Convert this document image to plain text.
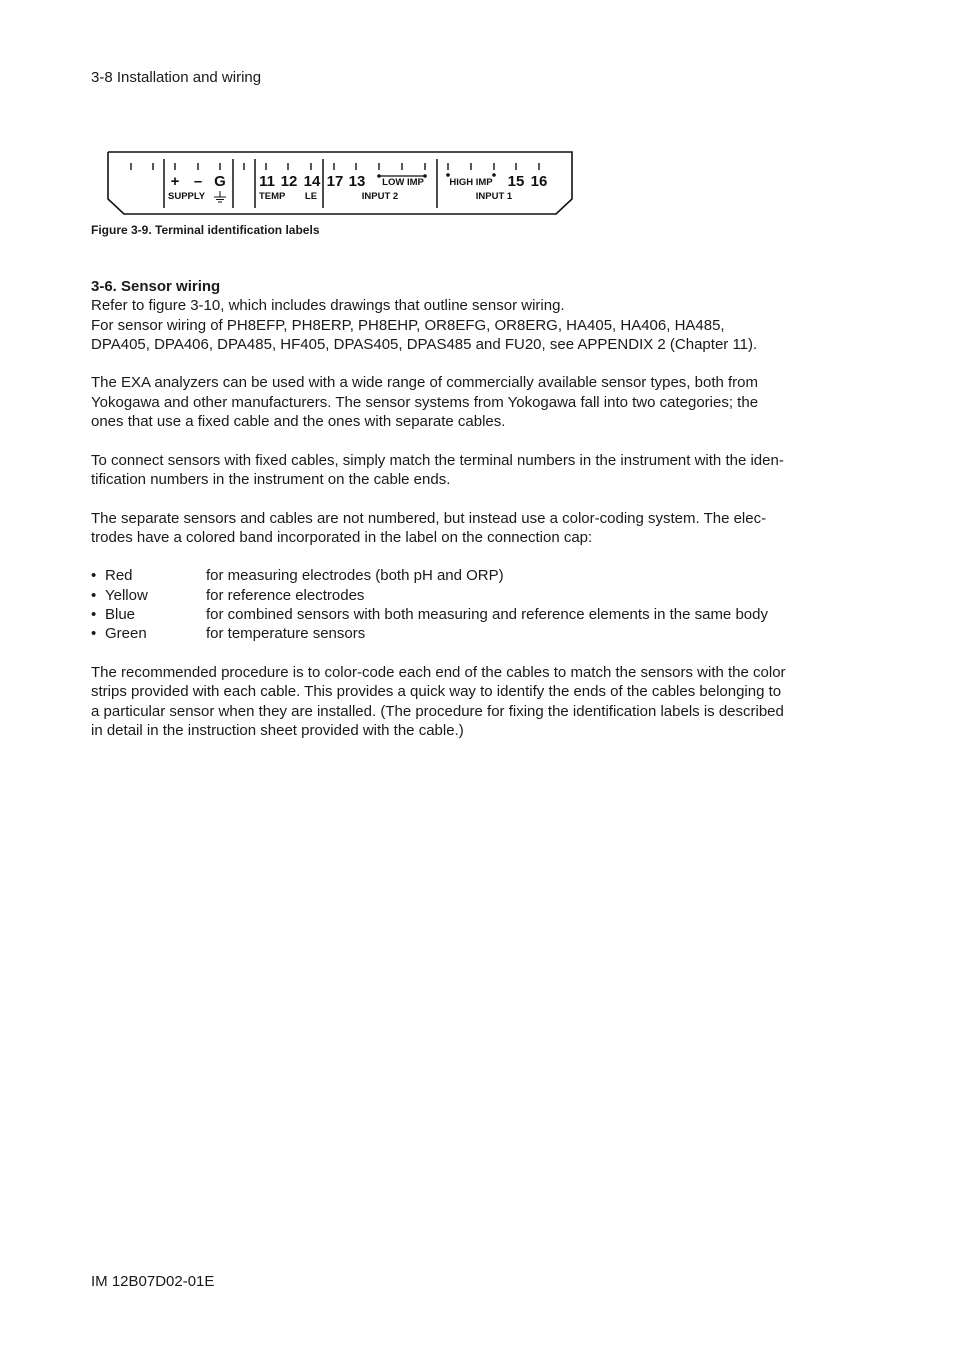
3-8 Installation and wiring
+ – G 11 12 14 17 13 LOW IMP	HIGH IMP 15 16
SUPPLY	TEMP LE	INPUT 2	INPUT 1
Figure 3-9. Terminal identification labels
3-6. Sensor wiring

Refer to figure 3-10, which includes drawings that outline sensor wiring.
For sensor wiring of PH8EFP, PH8ERP, PH8EHP, OR8EFG, OR8ERG, HA405, HA406, HA485,
DPA405, DPA406, DPA485, HF405, DPAS405, DPAS485 and FU20, see APPENDIX 2 (Chapter 11).

The EXA analyzers can be used with a wide range of commercially available sensor types, both from
Yokogawa and other manufacturers. The sensor systems from Yokogawa fall into two categories; the
ones that use a fixed cable and the ones with separate cables.

To connect sensors with fixed cables, simply match the terminal numbers in the instrument with the iden-
tification numbers in the instrument on the cable ends.

The separate sensors and cables are not numbered, but instead use a color-coding system. The elec-
trodes have a colored band incorporated in the label on the connection cap:

• Red	for measuring electrodes (both pH and ORP)
• Yellow	for reference electrodes
• Blue	for combined sensors with both measuring and reference elements in the same body
• Green	for temperature sensors

The recommended procedure is to color-code each end of the cables to match the sensors with the color
strips provided with each cable. This provides a quick way to identify the ends of the cables belonging to
a particular sensor when they are installed. (The procedure for fixing the identification labels is described
in detail in the instruction sheet provided with the cable.)

IM 12B07D02-01E
